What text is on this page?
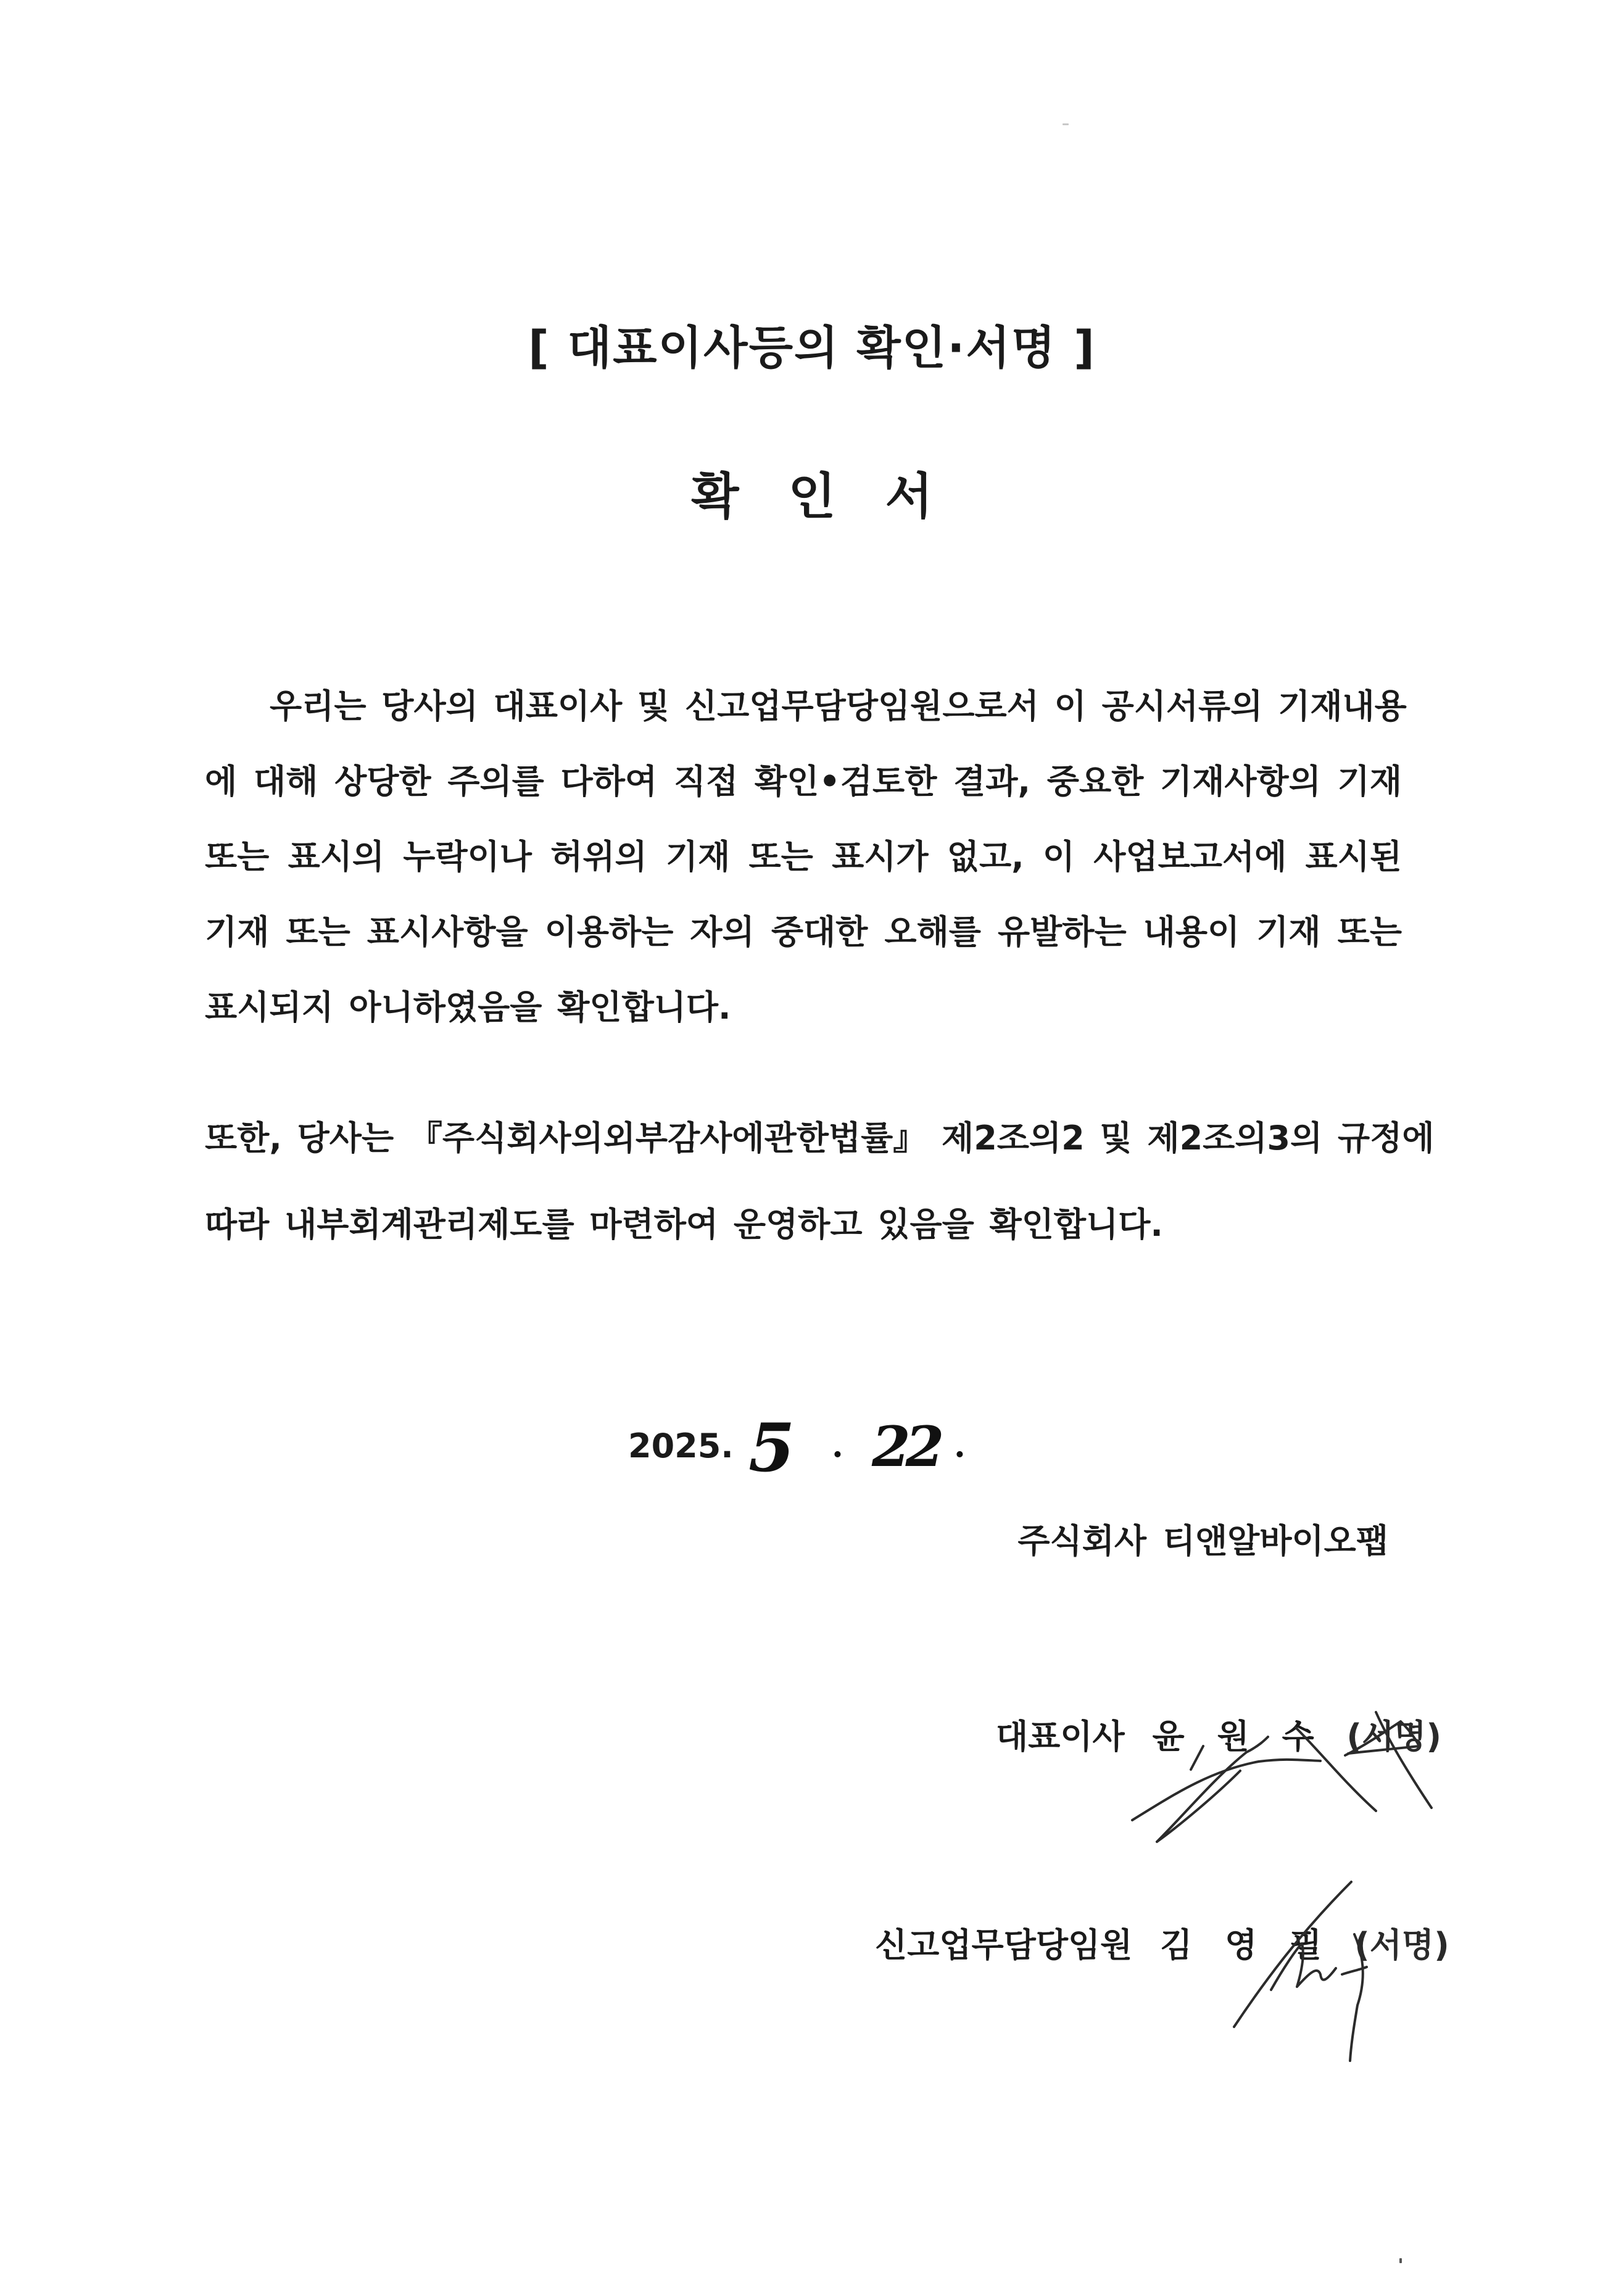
[ 대표이사등의 확인·서명 ]
확 인 서
우리는 당사의 대표이사 및 신고업무담당임원으로서 이 공시서류의 기재내용
에 대해 상당한 주의를 다하여 직접 확인•검토한 결과, 중요한 기재사항의 기재
또는 표시의 누락이나 허위의 기재 또는 표시가 없고, 이 사업보고서에 표시된
기재 또는 표시사항을 이용하는 자의 중대한 오해를 유발하는 내용이 기재 또는
표시되지 아니하였음을 확인합니다.
또한, 당사는 『주식회사의외부감사에관한법률』 제2조의2 및 제2조의3의 규정에
따라 내부회계관리제도를 마련하여 운영하고 있음을 확인합니다.
2025. 5 . 22 .
주식회사 티앤알바이오팹
대표이사 윤 원 수 (서명)
신고업무담당임원 김 영 필 (서명)
